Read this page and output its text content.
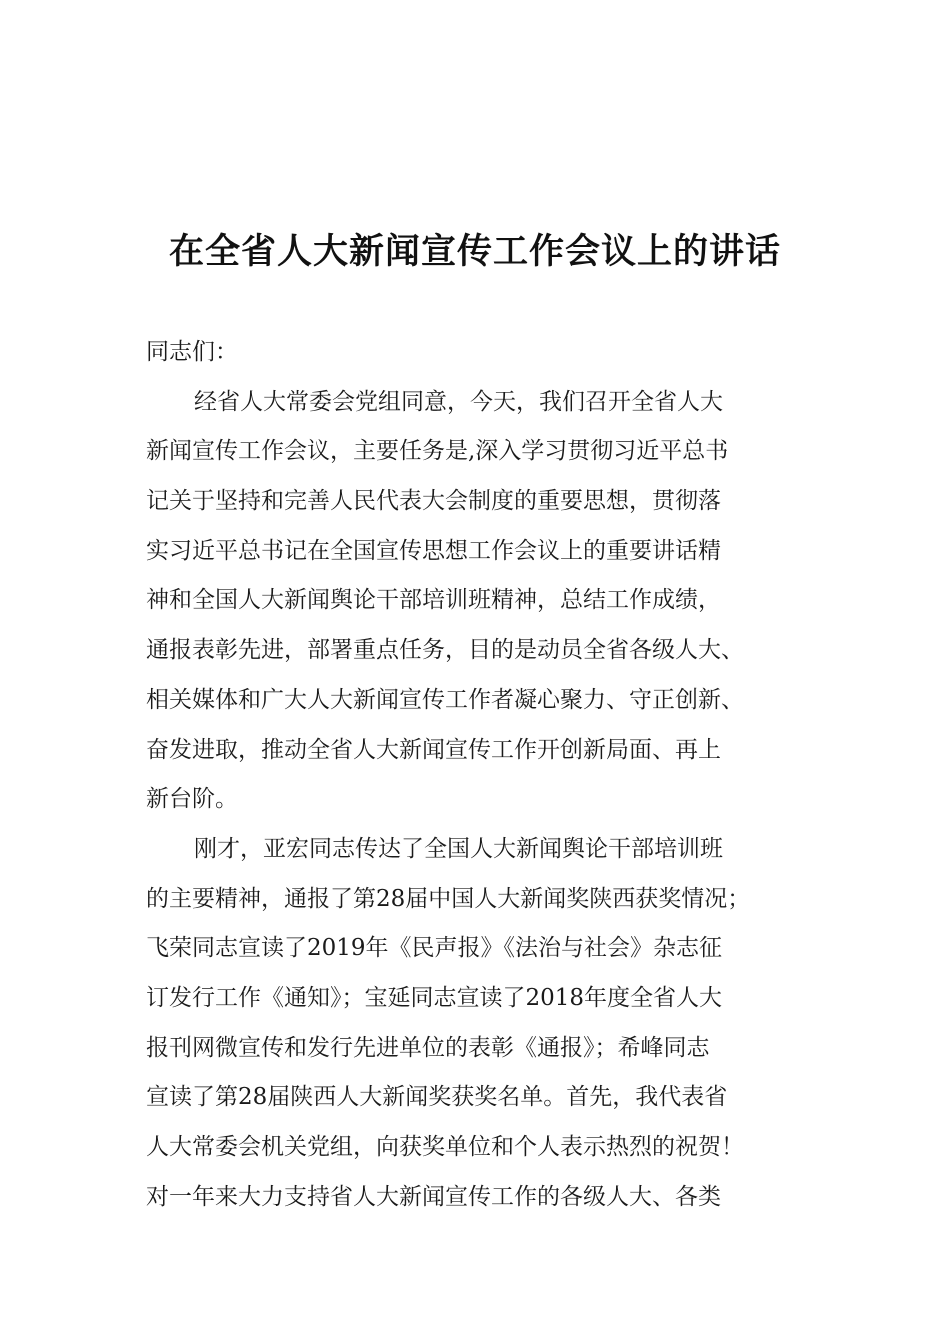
在全省人大新闻宣传工作会议上的讲话
同志们：
经省人大常委会党组同意，今天，我们召开全省人大
新闻宣传工作会议，主要任务是,深入学习贯彻习近平总书
记关于坚持和完善人民代表大会制度的重要思想，贯彻落
实习近平总书记在全国宣传思想工作会议上的重要讲话精
神和全国人大新闻舆论干部培训班精神，总结工作成绩，
通报表彰先进，部署重点任务，目的是动员全省各级人大、
相关媒体和广大人大新闻宣传工作者凝心聚力、守正创新、
奋发进取，推动全省人大新闻宣传工作开创新局面、再上
新台阶。
刚才，亚宏同志传达了全国人大新闻舆论干部培训班
的主要精神，通报了第28届中国人大新闻奖陕西获奖情况；
飞荣同志宣读了2019年《民声报》《法治与社会》杂志征
订发行工作《通知》；宝延同志宣读了2018年度全省人大
报刊网微宣传和发行先进单位的表彰《通报》；希峰同志
宣读了第28届陕西人大新闻奖获奖名单。首先，我代表省
人大常委会机关党组，向获奖单位和个人表示热烈的祝贺！
对一年来大力支持省人大新闻宣传工作的各级人大、各类
